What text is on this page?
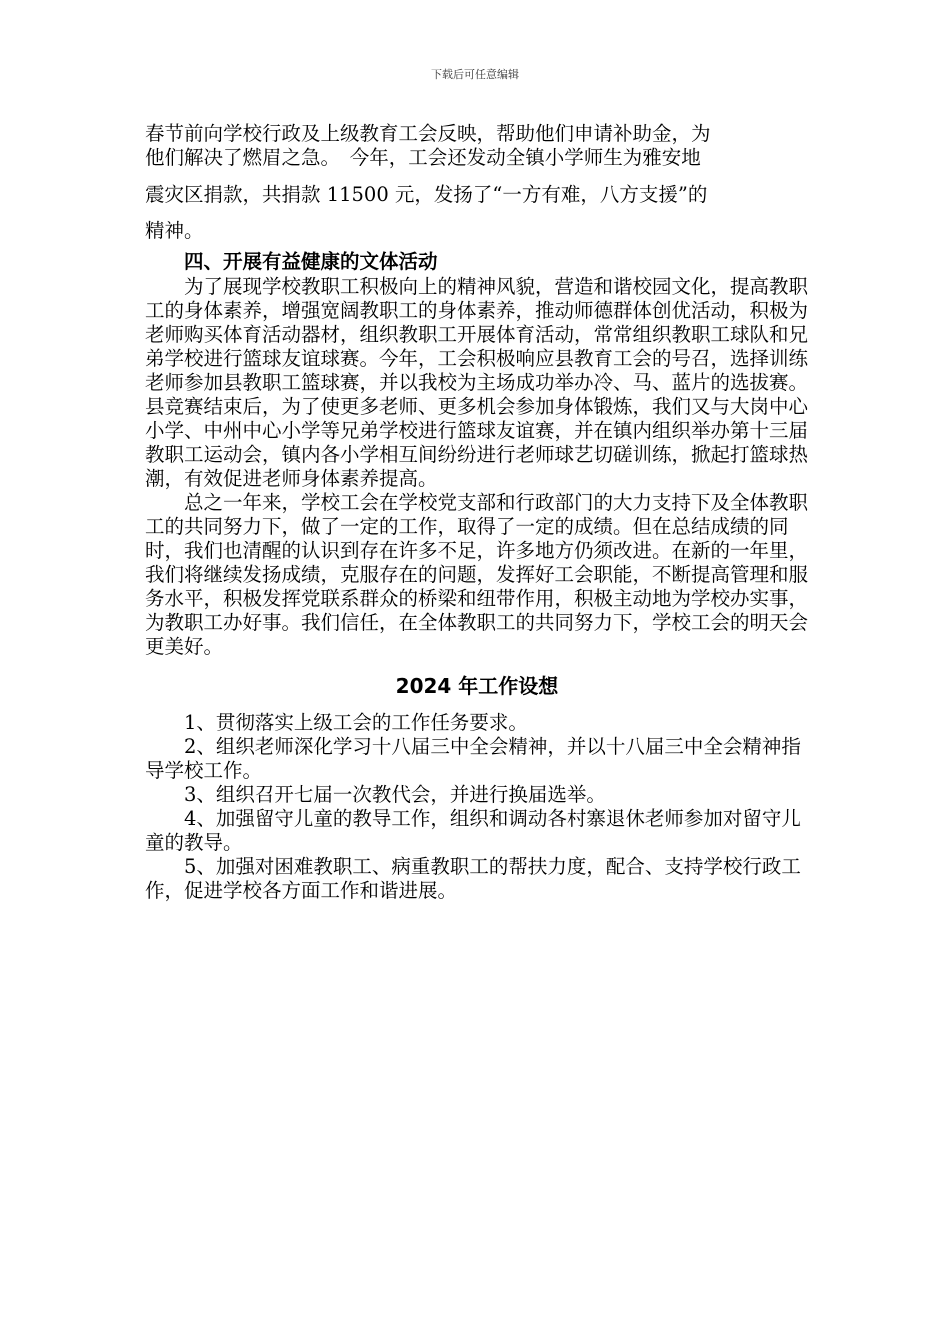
下载后可任意编辑

春节前向学校行政及上级教育工会反映，帮助他们申请补助金，为

他们解决了燃眉之急。　今年，工会还发动全镇小学师生为雅安地

震灾区捐款，共捐款 11500 元，发扬了“一方有难，八方支援”的

精神。

四、开展有益健康的文体活动

为了展现学校教职工积极向上的精神风貌，营造和谐校园文化，提高教职工的身体素养，增强宽阔教职工的身体素养，推动师德群体创优活动，积极为老师购买体育活动器材，组织教职工开展体育活动，常常组织教职工球队和兄弟学校进行篮球友谊球赛。今年，工会积极响应县教育工会的号召，选择训练老师参加县教职工篮球赛，并以我校为主场成功举办冷、马、蓝片的选拔赛。县竞赛结束后，为了使更多老师、更多机会参加身体锻炼，我们又与大岗中心小学、中州中心小学等兄弟学校进行篮球友谊赛，并在镇内组织举办第十三届教职工运动会，镇内各小学相互间纷纷进行老师球艺切磋训练，掀起打篮球热潮，有效促进老师身体素养提高。

总之一年来，学校工会在学校党支部和行政部门的大力支持下及全体教职工的共同努力下，做了一定的工作，取得了一定的成绩。但在总结成绩的同时，我们也清醒的认识到存在许多不足，许多地方仍须改进。在新的一年里，我们将继续发扬成绩，克服存在的问题，发挥好工会职能，不断提高管理和服务水平，积极发挥党联系群众的桥梁和纽带作用，积极主动地为学校办实事，为教职工办好事。我们信任，在全体教职工的共同努力下，学校工会的明天会更美好。

2024 年工作设想

1、贯彻落实上级工会的工作任务要求。

2、组织老师深化学习十八届三中全会精神，并以十八届三中全会精神指导学校工作。

3、组织召开七届一次教代会，并进行换届选举。

4、加强留守儿童的教导工作，组织和调动各村寨退休老师参加对留守儿童的教导。

5、加强对困难教职工、病重教职工的帮扶力度，配合、支持学校行政工作，促进学校各方面工作和谐进展。
